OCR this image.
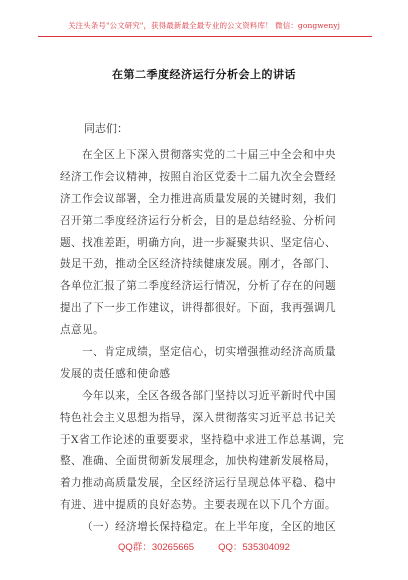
关注头条号"公文研究"，获得最新最全最专业的公文资料库！ 微信：gongwenyj
在第二季度经济运行分析会上的讲话
同志们：
在全区上下深入贯彻落实党的二十届三中全会和中央
经济工作会议精神，按照自治区党委十二届九次全会暨经
济工作会议部署，全力推进高质量发展的关键时刻，我们
召开第二季度经济运行分析会，目的是总结经验、分析问
题、找准差距，明确方向，进一步凝聚共识、坚定信心、
鼓足干劲，推动全区经济持续健康发展。刚才，各部门、
各单位汇报了第二季度经济运行情况，分析了存在的问题
提出了下一步工作建议，讲得都很好。下面，我再强调几
点意见。
一、肯定成绩，坚定信心，切实增强推动经济高质量
发展的责任感和使命感
今年以来，全区各级各部门坚持以习近平新时代中国
特色社会主义思想为指导，深入贯彻落实习近平总书记关
于X省工作论述的重要要求，坚持稳中求进工作总基调，完
整、准确、全面贯彻新发展理念，加快构建新发展格局，
着力推动高质量发展，全区经济运行呈现总体平稳、稳中
有进、进中提质的良好态势。主要表现在以下几个方面。
（一）经济增长保持稳定。在上半年度，全区的地区
QQ群：30265665	QQ：535304092
